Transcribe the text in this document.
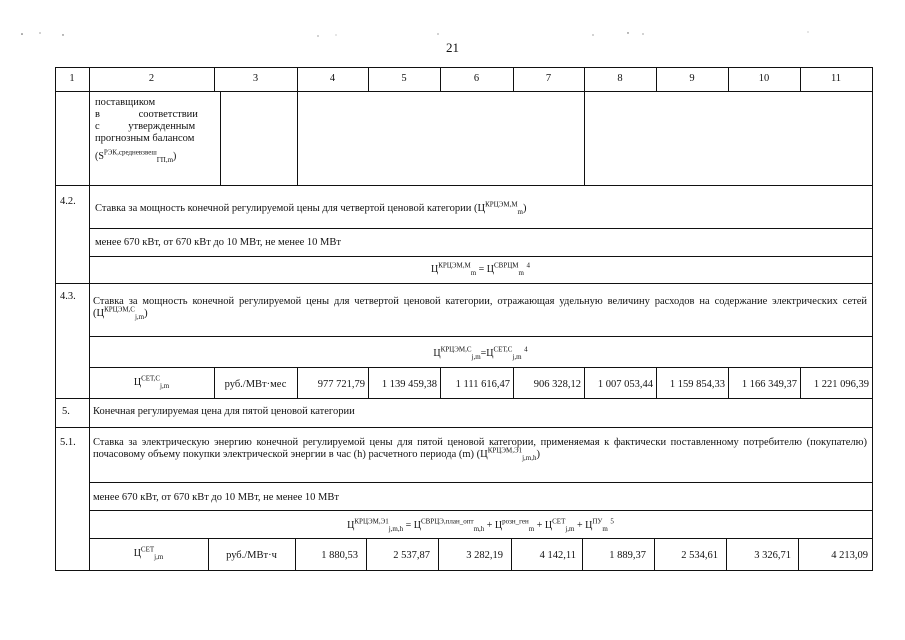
21
1	2	3	4	5	6	7	8	9	10	11
поставщиком
в соответствии
с утвержденным
прогнозным балансом
$(S^{РЭК,средневзвеш}_{ГП,m})$
4.2.
Ставка за мощность конечной регулируемой цены для четвертой ценовой категории $(Ц^{КРЦЭМ,М}_m)$
менее 670 кВт, от 670 кВт до 10 МВт, не менее 10 МВт
$Ц^{КРЦЭМ,М}_m = Ц^{СВРЦМ}_m$ $^4$
4.3. Ставка за мощность конечной регулируемой цены для четвертой ценовой категории, отражающая удельную величину расходов на содержание электрических сетей $(Ц^{КРЦЭМ,С}_{j,m})$
$Ц^{КРЦЭМ,С}_{j,m}=Ц^{СЕТ,С}_{j,m}$ $^4$
$Ц^{СЕТ,С}_{j,m}$	руб./МВт·мес	977 721,79	1 139 459,38	1 111 616,47	906 328,12	1 007 053,44	1 159 854,33	1 166 349,37	1 221 096,39
5. Конечная регулируемая цена для пятой ценовой категории
5.1. Ставка за электрическую энергию конечной регулируемой цены для пятой ценовой категории, применяемая к фактически поставленному потребителю (покупателю) почасовому объему покупки электрической энергии в час (h) расчетного периода (m) $(Ц^{КРЦЭМ,Э1}_{j,m,h})$
менее 670 кВт, от 670 кВт до 10 МВт, не менее 10 МВт
$Ц^{КРЦЭМ,Э1}_{j,m,h} = Ц^{СВРЦЭ,план\_опт}_{m,h} + Ц^{розн\_ген}_m + Ц^{СЕТ}_{j,m} + Ц^{ПУ}_m$ $^5$
$Ц^{СЕТ}_{j,m}$	руб./МВт·ч	1 880,53	2 537,87	3 282,19	4 142,11	1 889,37	2 534,61	3 326,71	4 213,09
